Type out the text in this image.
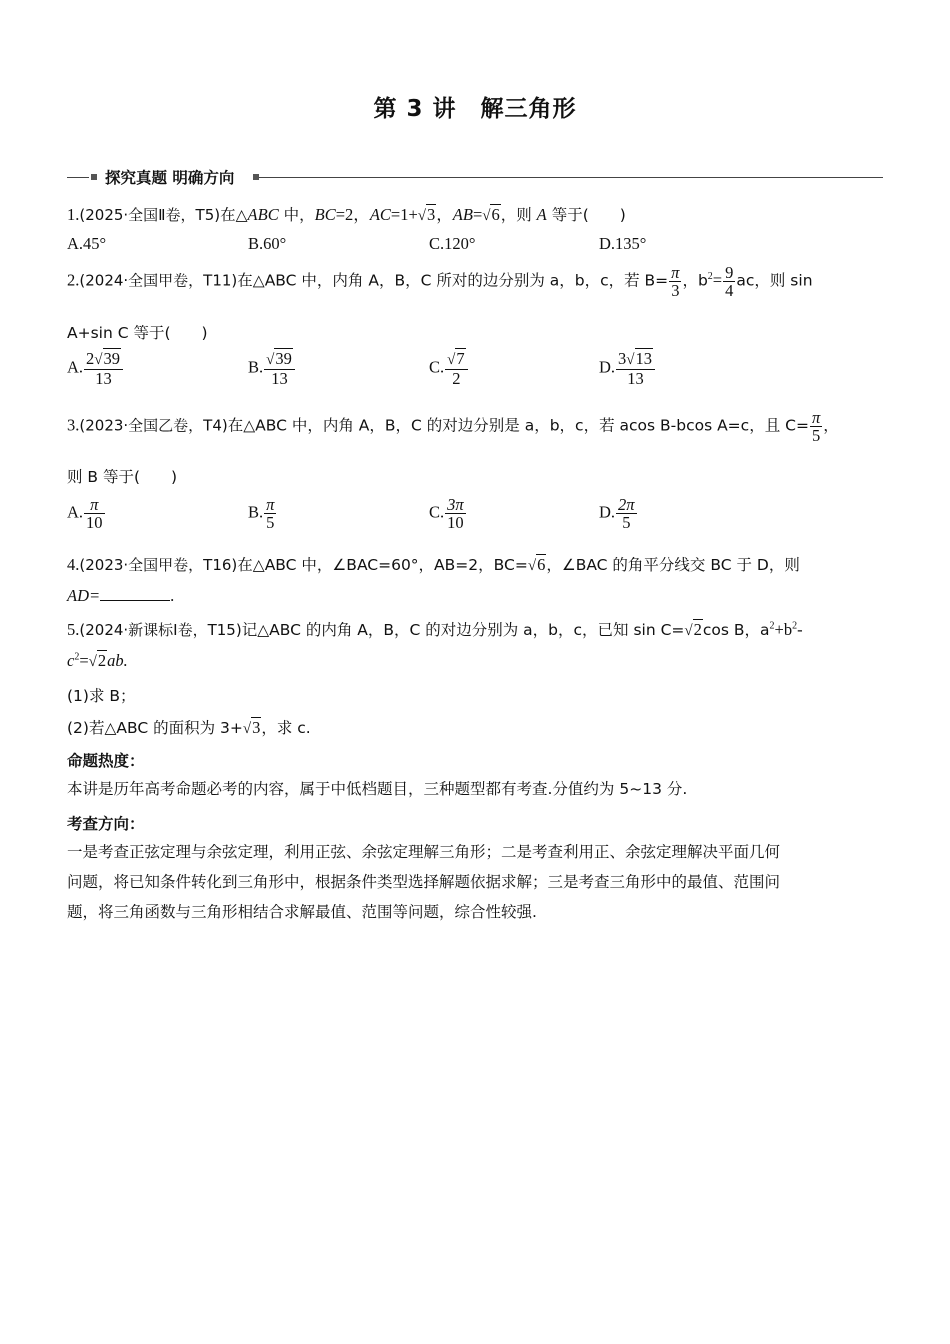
第 3 讲　解三角形
探究真题 明确方向
1.(2025·全国Ⅱ卷，T5)在△ABC 中，BC=2，AC=1+√3，AB=√6，则 A 等于(　　)
A.45°	B.60°	C.120°	D.135°
2.(2024·全国甲卷，T11)在△ABC 中，内角 A，B，C 所对的边分别为 a，b，c，若 $B= \frac{\pi}{3}$ ，$b^2= \frac{9}{4}$ ac，则 sin
A+sin C 等于(　　)
A. $\frac{2√39}{13}$	B. $\frac{√39}{13}$	C. $\frac{√7}{2}$	D. $\frac{3√13}{13}$
3.(2023·全国乙卷，T4)在△ABC 中，内角 A，B，C 的对边分别是 a，b，c，若 acos B-bcos A=c，且 $C= \frac{\pi}{5}$ ，
则 B 等于(　　)
A. $\frac{\pi}{10}$	B. $\frac{\pi}{5}$	C. $\frac{3\pi}{10}$	D. $\frac{2\pi}{5}$
4.(2023·全国甲卷，T16)在△ABC 中，∠BAC=60°，AB=2，BC=√6，∠BAC 的角平分线交 BC 于 D，则
AD=	.
5.(2024·新课标Ⅰ卷，T15)记△ABC 的内角 A，B，C 的对边分别为 a，b，c，已知 sin C=√2cos B，$a^2+b^2-$
$c^2=√2ab$.
(1)求 B；
(2)若△ABC 的面积为 3+√3，求 c.
命题热度：
本讲是历年高考命题必考的内容，属于中低档题目，三种题型都有考查.分值约为 5~13 分.
考查方向：
一是考查正弦定理与余弦定理，利用正弦、余弦定理解三角形；二是考查利用正、余弦定理解决平面几何
问题，将已知条件转化到三角形中，根据条件类型选择解题依据求解；三是考查三角形中的最值、范围问
题，将三角函数与三角形相结合求解最值、范围等问题，综合性较强.
